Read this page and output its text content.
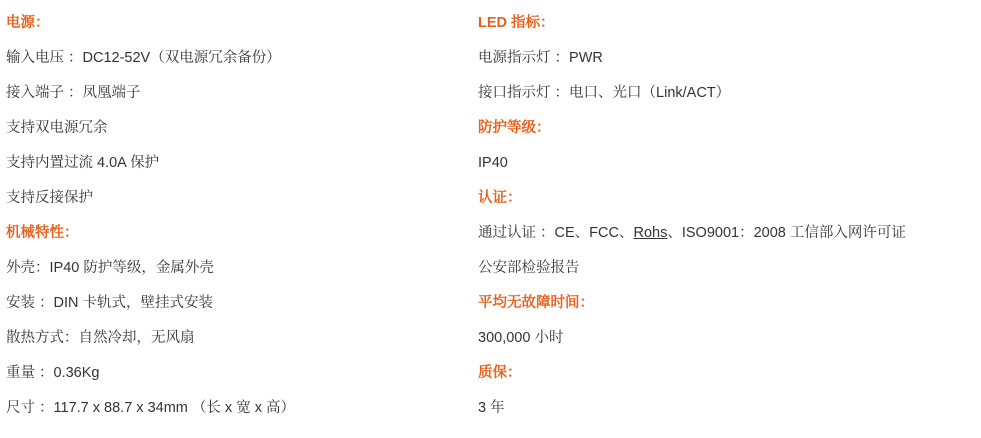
电源：
输入电压 ：DC12-52V（双电源冗余备份）
接入端子 ：凤凰端子
支持双电源冗余
支持内置过流 4.0A 保护
支持反接保护
机械特性：
外壳：IP40 防护等级，金属外壳
安装 ：DIN 卡轨式，壁挂式安装
散热方式：自然冷却，无风扇
重量 ：0.36Kg
尺寸 ：117.7 x 88.7 x 34mm （长 x 宽 x 高）
LED 指标：
电源指示灯 ：PWR
接口指示灯 ：电口、光口（Link/ACT）
防护等级：
IP40
认证：
通过认证 ：CE、FCC、Rohs、ISO9001：2008 工信部入网许可证
公安部检验报告
平均无故障时间：
300,000 小时
质保：
3 年
